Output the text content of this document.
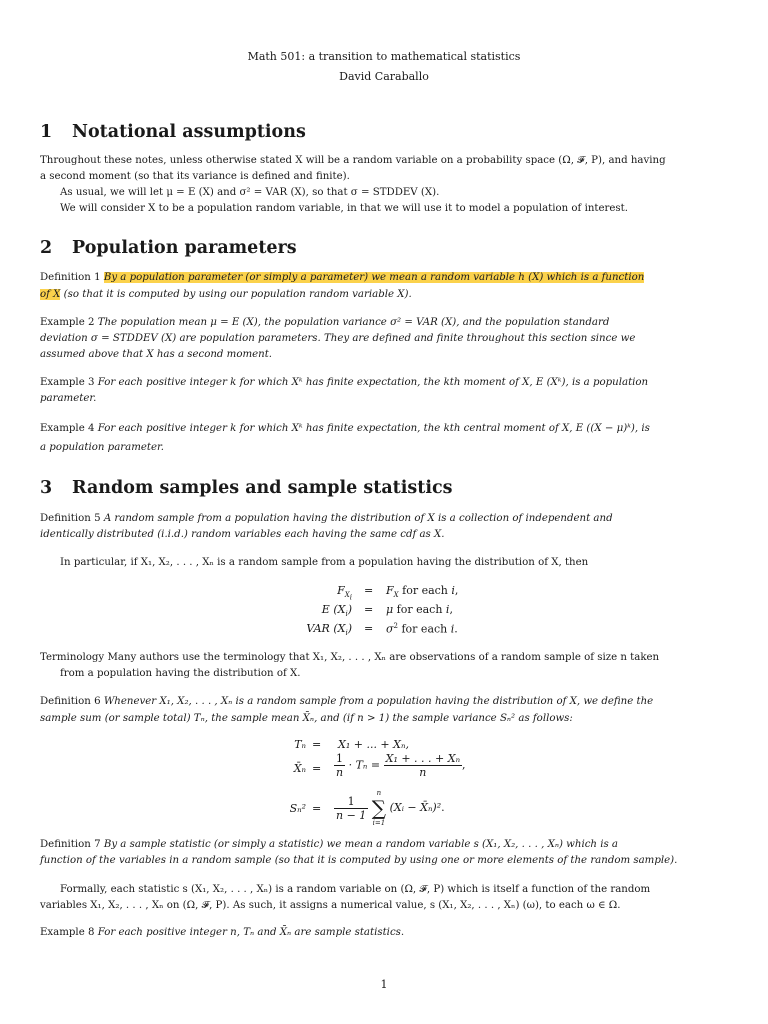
Math 501: a transition to mathematical statistics
David Caraballo
1 Notational assumptions
Throughout these notes, unless otherwise stated X will be a random variable on a probability space (Ω, 𝓕, P), and having
a second moment (so that its variance is defined and finite).
As usual, we will let μ = E (X) and σ² = VAR (X), so that σ = STDDEV (X).
We will consider X to be a population random variable, in that we will use it to model a population of interest.
2 Population parameters
Definition 1 By a population parameter (or simply a parameter) we mean a random variable h (X) which is a function
of X (so that it is computed by using our population random variable X).
Example 2 The population mean μ = E (X), the population variance σ² = VAR (X), and the population standard
deviation σ = STDDEV (X) are population parameters. They are defined and finite throughout this section since we
assumed above that X has a second moment.
Example 3 For each positive integer k for which Xᵏ has finite expectation, the kth moment of X, E (Xᵏ), is a population
parameter.
Example 4 For each positive integer k for which Xᵏ has finite expectation, the kth central moment of X, E ((X − μ)ᵏ), is
a population parameter.
3 Random samples and sample statistics
Definition 5 A random sample from a population having the distribution of X is a collection of independent and
identically distributed (i.i.d.) random variables each having the same cdf as X.
In particular, if X₁, X₂, . . . , Xₙ is a random sample from a population having the distribution of X, then
$F_{X_i}$
= $F_X$ for each i,
E $(X_i) = \mu$ for each i,
VAR $(X_i) = \sigma^2$ for each i.
Terminology Many authors use the terminology that X₁, X₂, . . . , Xₙ are observations of a random sample of size n taken
from a population having the distribution of X.
Definition 6 Whenever X₁, X₂, . . . , Xₙ is a random sample from a population having the distribution of X, we define the
sample sum (or sample total) Tₙ, the sample mean X̄ₙ, and (if n > 1) the sample variance Sₙ² as follows:
Tₙ = X₁ + ... + Xₙ,
X̄ₙ = $\frac{1}{n} \cdot T_n = \frac{\text{X₁ + . . . + Xₙ}}{n}$ ,
$S_n^2 = \frac{1}{n - 1}$

n
∑
i=1
(Xᵢ − X̄ₙ)².
Definition 7 By a sample statistic (or simply a statistic) we mean a random variable s (X₁, X₂, . . . , Xₙ) which is a
function of the variables in a random sample (so that it is computed by using one or more elements of the random sample).
Formally, each statistic s (X₁, X₂, . . . , Xₙ) is a random variable on (Ω, 𝓕, P) which is itself a function of the random
variables X₁, X₂, . . . , Xₙ on (Ω, 𝓕, P). As such, it assigns a numerical value, s (X₁, X₂, . . . , Xₙ) (ω), to each ω ∈ Ω.
Example 8 For each positive integer n, Tₙ and X̄ₙ are sample statistics.
1
